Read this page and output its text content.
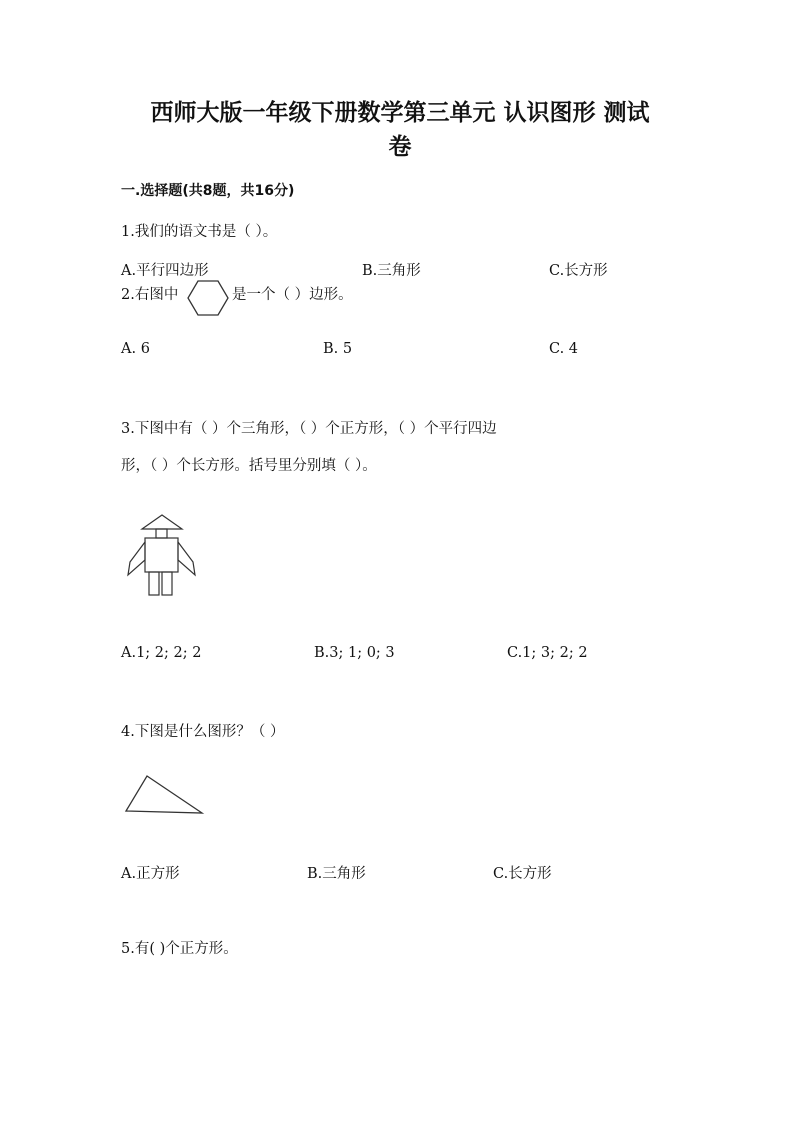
西师大版一年级下册数学第三单元 认识图形 测试
卷
一.选择题(共8题，共16分)
1.我们的语文书是（ ）。
A.平行四边形	B.三角形	C.长方形
2.右图中	是一个（ ）边形。
A. 6	B. 5	C. 4
3.下图中有（ ）个三角形，（ ）个正方形，（ ）个平行四边
形，（ ）个长方形。括号里分别填（ ）。
A.1; 2; 2; 2	B.3; 1; 0; 3	C.1; 3; 2; 2
4.下图是什么图形？（ ）
A.正方形	B.三角形	C.长方形
5.有( )个正方形。
